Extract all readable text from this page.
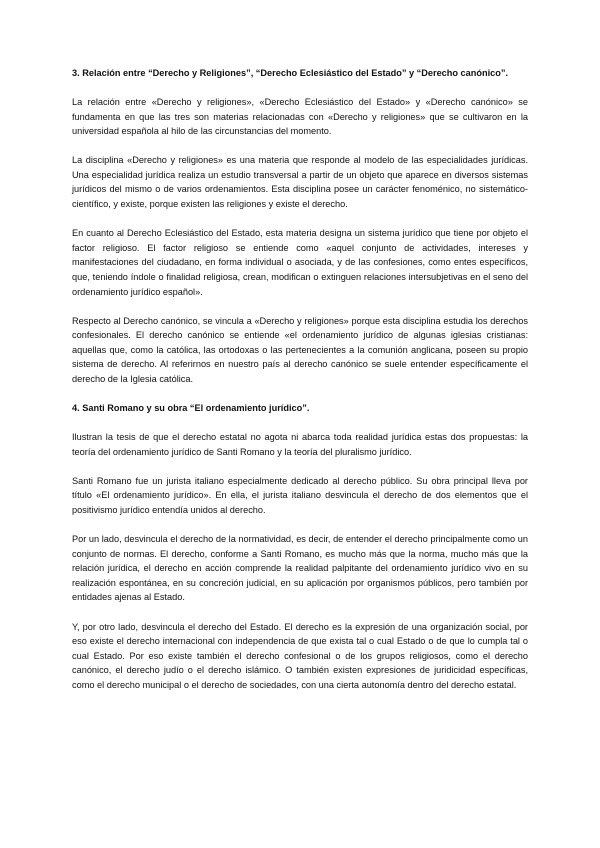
3. Relación entre “Derecho y Religiones”, “Derecho Eclesiástico del Estado” y “Derecho canónico”.

La relación entre «Derecho y religiones», «Derecho Eclesiástico del Estado» y «Derecho canónico» se fundamenta en que las tres son materias relacionadas con «Derecho y religiones» que se cultivaron en la universidad española al hilo de las circunstancias del momento.

La disciplina «Derecho y religiones» es una materia que responde al modelo de las especialidades jurídicas. Una especialidad jurídica realiza un estudio transversal a partir de un objeto que aparece en diversos sistemas jurídicos del mismo o de varios ordenamientos. Esta disciplina posee un carácter fenoménico, no sistemático-científico, y existe, porque existen las religiones y existe el derecho.

En cuanto al Derecho Eclesiástico del Estado, esta materia designa un sistema jurídico que tiene por objeto el factor religioso. El factor religioso se entiende como «aquel conjunto de actividades, intereses y manifestaciones del ciudadano, en forma individual o asociada, y de las confesiones, como entes específicos, que, teniendo índole o finalidad religiosa, crean, modifican o extinguen relaciones intersubjetivas en el seno del ordenamiento jurídico español».

Respecto al Derecho canónico, se vincula a «Derecho y religiones» porque esta disciplina estudia los derechos confesionales. El derecho canónico se entiende «el ordenamiento jurídico de algunas iglesias cristianas: aquellas que, como la católica, las ortodoxas o las pertenecientes a la comunión anglicana, poseen su propio sistema de derecho. Al referirnos en nuestro país al derecho canónico se suele entender específicamente el derecho de la Iglesia católica.

4. Santi Romano y su obra “El ordenamiento jurídico”.

Ilustran la tesis de que el derecho estatal no agota ni abarca toda realidad jurídica estas dos propuestas: la teoría del ordenamiento jurídico de Santi Romano y la teoría del pluralismo jurídico.

Santi Romano fue un jurista italiano especialmente dedicado al derecho público. Su obra principal lleva por título «El ordenamiento jurídico». En ella, el jurista italiano desvincula el derecho de dos elementos que el positivismo jurídico entendía unidos al derecho.

Por un lado, desvincula el derecho de la normatividad, es decir, de entender el derecho principalmente como un conjunto de normas. El derecho, conforme a Santi Romano, es mucho más que la norma, mucho más que la relación jurídica, el derecho en acción comprende la realidad palpitante del ordenamiento jurídico vivo en su realización espontánea, en su concreción judicial, en su aplicación por organismos públicos, pero también por entidades ajenas al Estado.

Y, por otro lado, desvincula el derecho del Estado. El derecho es la expresión de una organización social, por eso existe el derecho internacional con independencia de que exista tal o cual Estado o de que lo cumpla tal o cual Estado. Por eso existe también el derecho confesional o de los grupos religiosos, como el derecho canónico, el derecho judío o el derecho islámico. O también existen expresiones de juridicidad específicas, como el derecho municipal o el derecho de sociedades, con una cierta autonomía dentro del derecho estatal.
